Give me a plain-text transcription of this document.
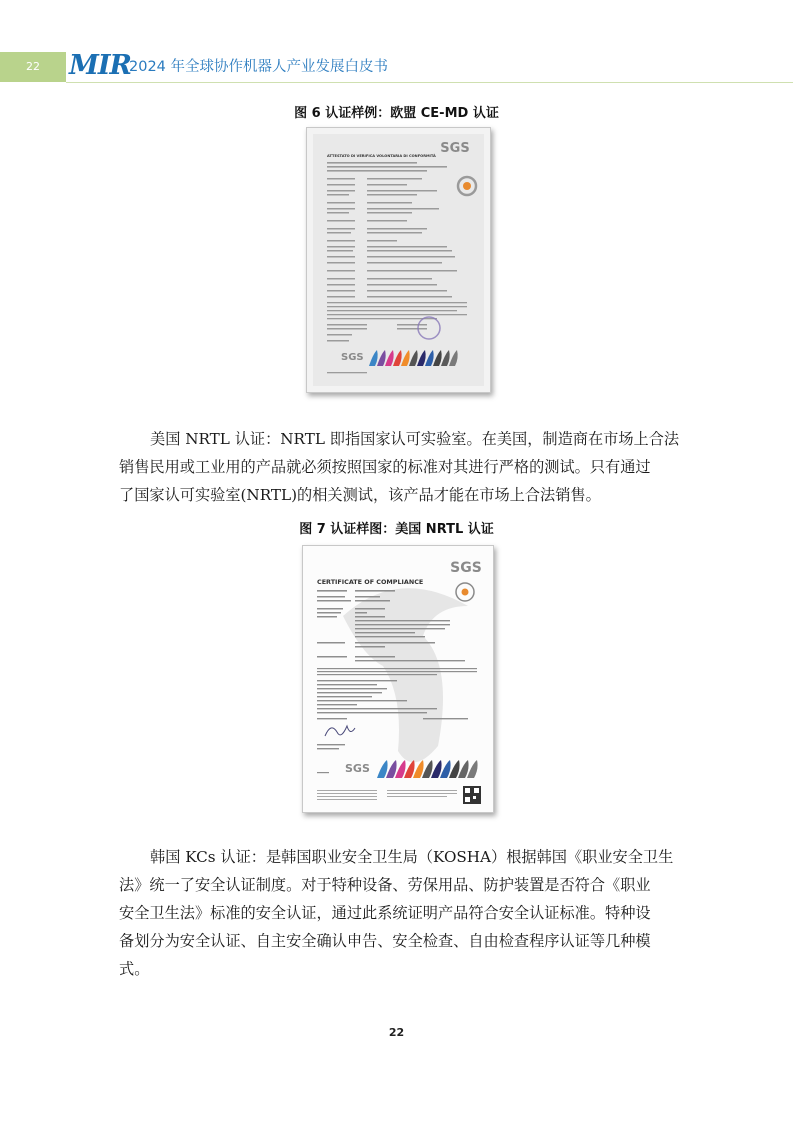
22	MIR
2024 年全球协作机器人产业发展白皮书
图 6 认证样例：欧盟 CE-MD 认证
SGS
ATTESTATO DI VERIFICA VOLONTARIA DI CONFORMITÀ
SGS
美国 NRTL 认证：NRTL 即指国家认可实验室。在美国，制造商在市场上合法
销售民用或工业用的产品就必须按照国家的标准对其进行严格的测试。只有通过
了国家认可实验室(NRTL)的相关测试，该产品才能在市场上合法销售。
图 7 认证样图：美国 NRTL 认证
SGS
CERTIFICATE OF COMPLIANCE
SGS
韩国 KCs 认证：是韩国职业安全卫生局（KOSHA）根据韩国《职业安全卫生
法》统一了安全认证制度。对于特种设备、劳保用品、防护装置是否符合《职业
安全卫生法》标准的安全认证，通过此系统证明产品符合安全认证标准。特种设
备划分为安全认证、自主安全确认申告、安全检查、自由检查程序认证等几种模
式。
22
